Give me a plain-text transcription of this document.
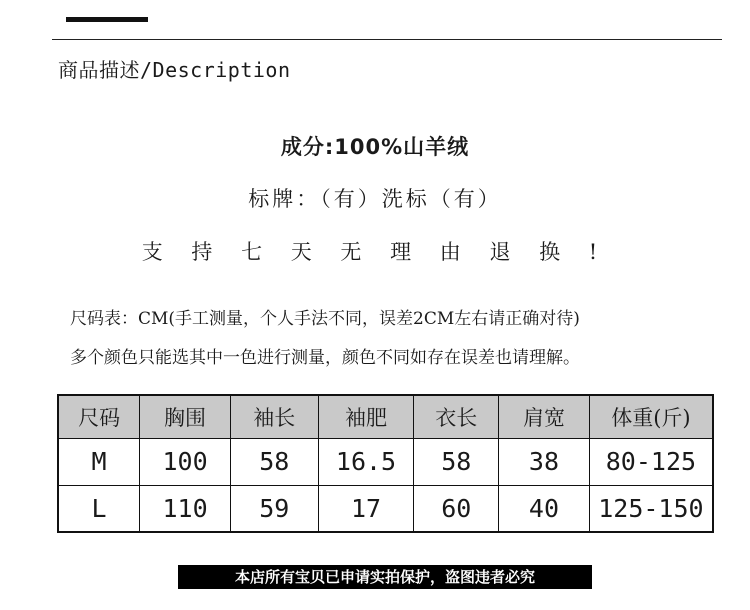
商品描述/Description
成分:100%山羊绒
标牌：（有）洗标（有）
支 持 七 天 无 理 由 退 换 !
尺码表：CM(手工测量，个人手法不同，误差2CM左右请正确对待)
多个颜色只能选其中一色进行测量，颜色不同如存在误差也请理解。
尺码	胸围	袖长	袖肥	衣长	肩宽	体重(斤)
M	100	58	16.5	58	38	80-125
L	110	59	17	60	40	125-150
本店所有宝贝已申请实拍保护，盗图违者必究
